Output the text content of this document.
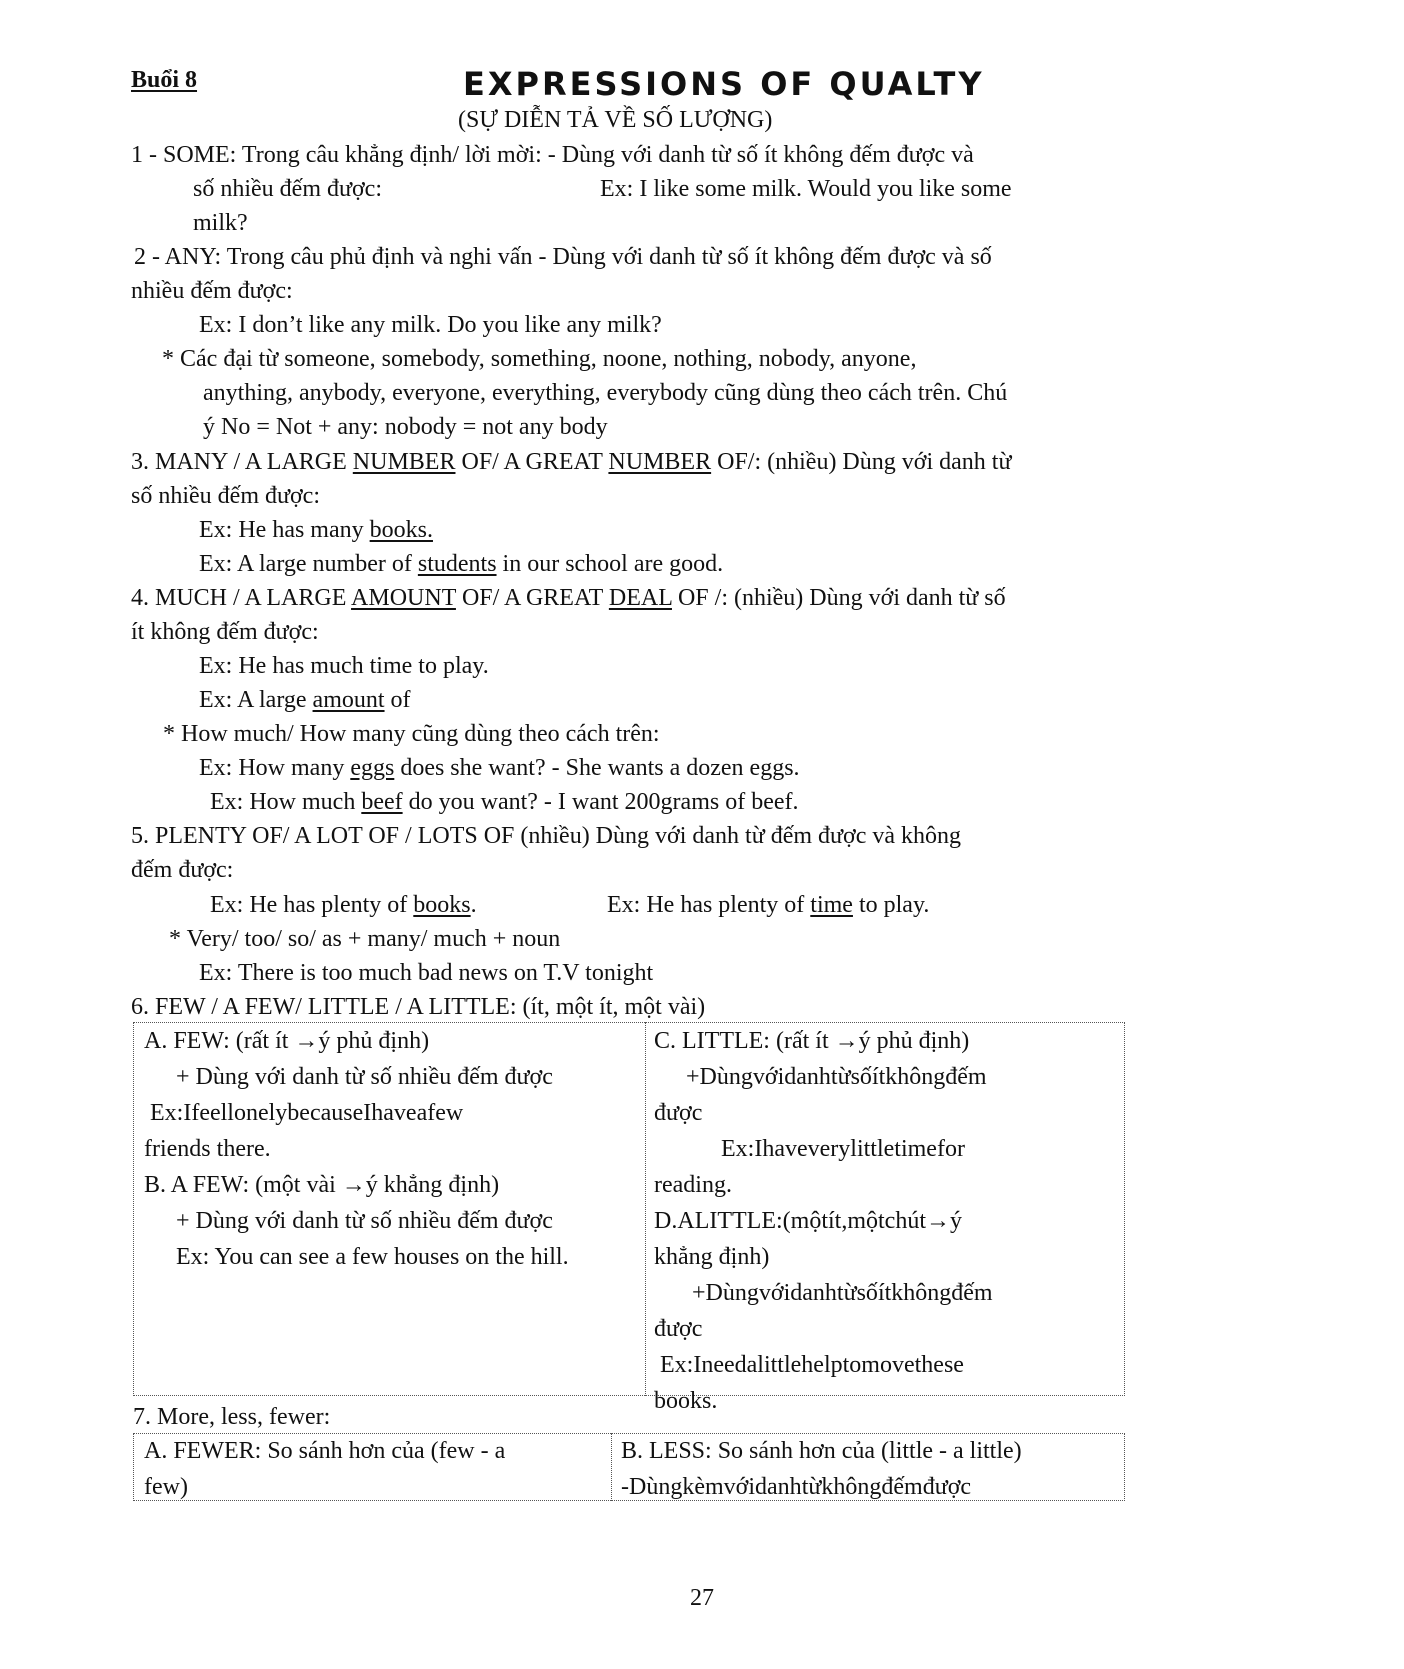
Buổi 8	EXPRESSIONS OF QUALTY
(SỰ DIỄN TẢ VỀ SỐ LƯỢNG)
1 - SOME: Trong câu khẳng định/ lời mời: - Dùng với danh từ số ít không đếm được và
số nhiều đếm được:	Ex: I like some milk. Would you like some
milk?
2 - ANY: Trong câu phủ định và nghi vấn - Dùng với danh từ số ít không đếm được và số
nhiều đếm được:
Ex: I don’t like any milk. Do you like any milk?
* Các đại từ someone, somebody, something, noone, nothing, nobody, anyone,
anything, anybody, everyone, everything, everybody cũng dùng theo cách trên. Chú
ý No = Not + any: nobody = not any body
3. MANY / A LARGE NUMBER OF/ A GREAT NUMBER OF/: (nhiều) Dùng với danh từ
số nhiều đếm được:
Ex: He has many books.
Ex: A large number of students in our school are good.
4. MUCH / A LARGE AMOUNT OF/ A GREAT DEAL OF /: (nhiều) Dùng với danh từ số
ít không đếm được:
Ex: He has much time to play.
Ex: A large amount of
* How much/ How many cũng dùng theo cách trên:
Ex: How many eggs does she want? - She wants a dozen eggs.
Ex: How much beef do you want? - I want 200grams of beef.
5. PLENTY OF/ A LOT OF / LOTS OF (nhiều) Dùng với danh từ đếm được và không
đếm được:
Ex: He has plenty of books.	Ex: He has plenty of time to play.
* Very/ too/ so/ as + many/ much + noun
Ex: There is too much bad news on T.V tonight
6. FEW / A FEW/ LITTLE / A LITTLE: (ít, một ít, một vài)
A. FEW: (rất ít →ý phủ định)
+ Dùng với danh từ số nhiều đếm được
Ex:IfeellonelybecauseIhaveafew
friends there.
B. A FEW: (một vài →ý khẳng định)
+ Dùng với danh từ số nhiều đếm được
Ex: You can see a few houses on the hill.
C. LITTLE: (rất ít →ý phủ định)
+Dùngvớidanhtừsốítkhôngđếm
được
Ex:Ihaveverylittletimefor
reading.
D.ALITTLE:(mộtít,mộtchút→ý
khẳng định)
+Dùngvớidanhtừsốítkhôngđếm
được
Ex:Ineedalittlehelptomovethese
books.
7. More, less, fewer:
A. FEWER: So sánh hơn của (few - a
few)
B. LESS: So sánh hơn của (little - a little)
-Dùngkèmvớidanhtừkhôngđếmđược
27
